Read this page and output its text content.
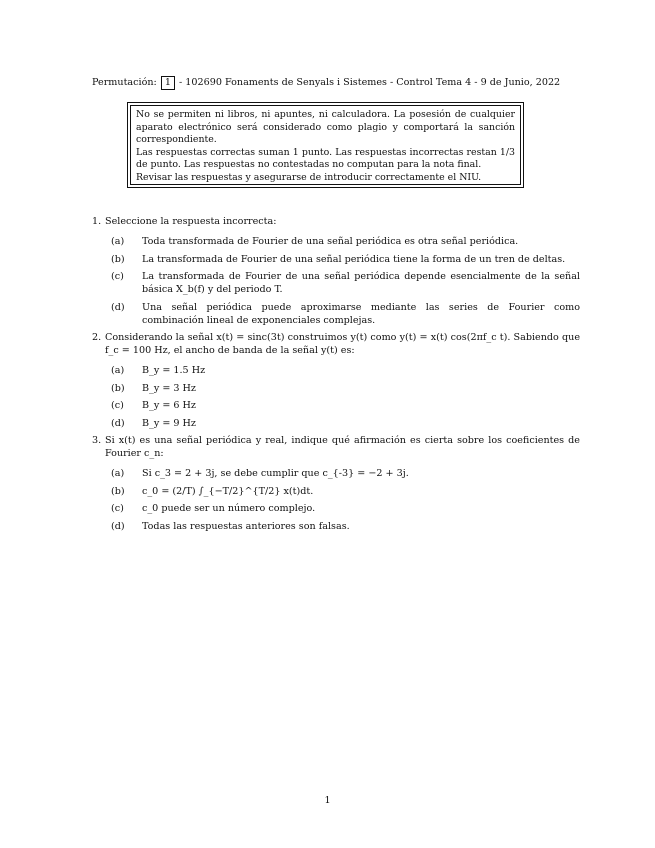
Permutación: 1 - 102690 Fonaments de Senyals i Sistemes - Control Tema 4 - 9 de Junio, 2022
No se permiten ni libros, ni apuntes, ni calculadora. La posesión de cualquier aparato electrónico será considerado como plagio y comportará la sanción correspondiente.
Las respuestas correctas suman 1 punto. Las respuestas incorrectas restan 1/3 de punto. Las respuestas no contestadas no computan para la nota final.
Revisar las respuestas y asegurarse de introducir correctamente el NIU.
1. Seleccione la respuesta incorrecta:
(a) Toda transformada de Fourier de una señal periódica es otra señal periódica.
(b) La transformada de Fourier de una señal periódica tiene la forma de un tren de deltas.
(c) La transformada de Fourier de una señal periódica depende esencialmente de la señal básica X_b(f) y del periodo T.
(d) Una señal periódica puede aproximarse mediante las series de Fourier como combinación lineal de exponenciales complejas.
2. Considerando la señal x(t) = sinc(3t) construimos y(t) como y(t) = x(t) cos(2πf_c t). Sabiendo que f_c = 100 Hz, el ancho de banda de la señal y(t) es:
(a) B_y = 1.5 Hz
(b) B_y = 3 Hz
(c) B_y = 6 Hz
(d) B_y = 9 Hz
3. Si x(t) es una señal periódica y real, indique qué afirmación es cierta sobre los coeficientes de Fourier c_n:
(a) Si c_3 = 2 + 3j, se debe cumplir que c_{-3} = −2 + 3j.
(b) c_0 = (2/T) ∫_{−T/2}^{T/2} x(t)dt.
(c) c_0 puede ser un número complejo.
(d) Todas las respuestas anteriores son falsas.
1
